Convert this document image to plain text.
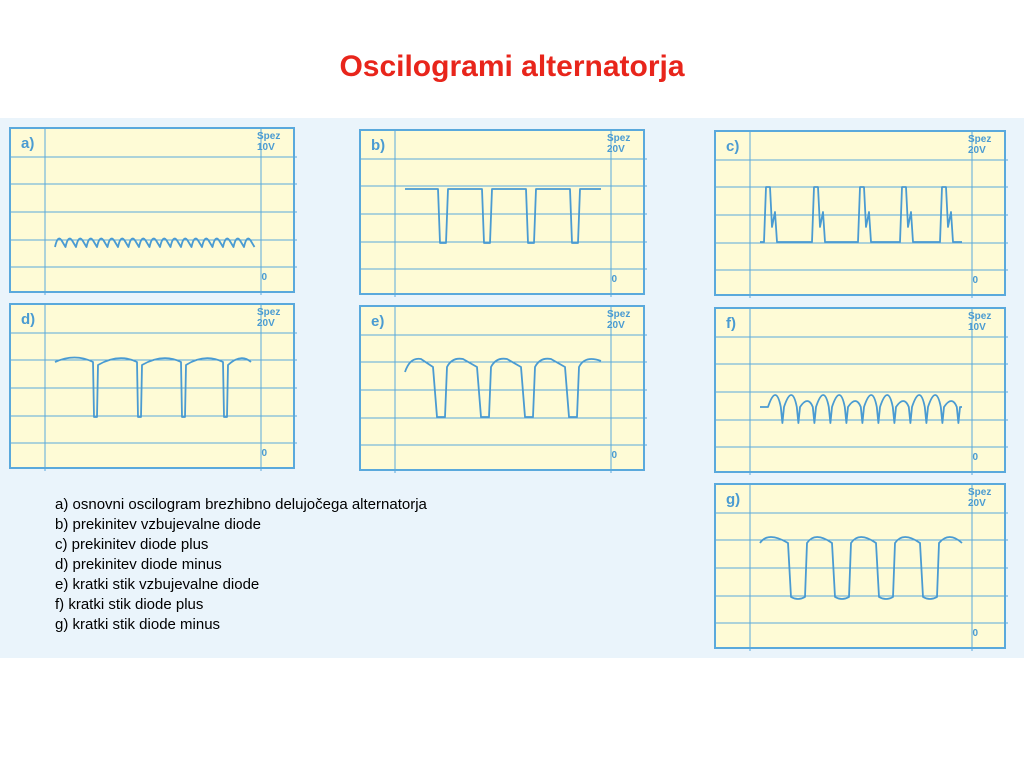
Oscilogrami alternatorja
a)	Spez
10V
0
b)	Spez
20V
0
c)	Spez
20V
0
d)	Spez
20V
0
e)	Spez
20V
0
f)	Spez
10V
0
g)	Spez
20V
0
a) osnovni oscilogram brezhibno delujočega alternatorja
b) prekinitev vzbujevalne diode
c) prekinitev diode plus
d) prekinitev diode minus
e) kratki stik vzbujevalne diode
f) kratki stik diode plus
g) kratki stik diode minus
